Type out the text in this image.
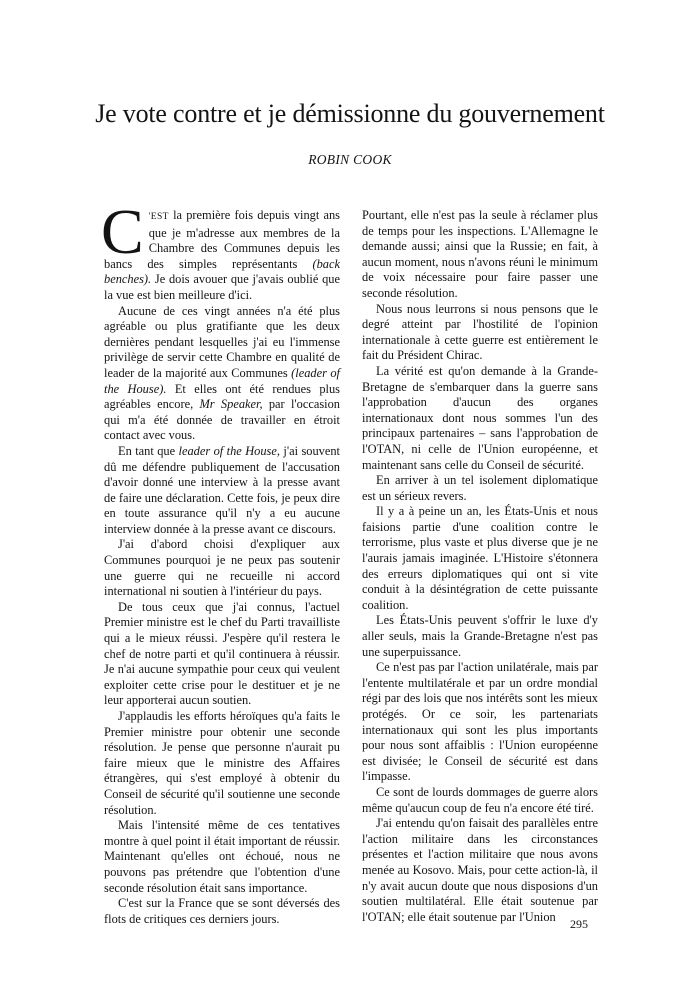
Je vote contre et je démissionne du gouvernement
ROBIN COOK

C 'EST la première fois depuis vingt ans que je m'adresse aux membres de la Chambre des Communes depuis les bancs des simples représentants (back benches). Je dois avouer que j'avais oublié que la vue est bien meilleure d'ici.

Aucune de ces vingt années n'a été plus agréable ou plus gratifiante que les deux dernières pendant lesquelles j'ai eu l'immense privilège de servir cette Chambre en qualité de leader de la majorité aux Communes (leader of the House). Et elles ont été rendues plus agréables encore, Mr Speaker, par l'occasion qui m'a été donnée de travailler en étroit contact avec vous.

En tant que leader of the House, j'ai souvent dû me défendre publiquement de l'accusation d'avoir donné une interview à la presse avant de faire une déclaration. Cette fois, je peux dire en toute assurance qu'il n'y a eu aucune interview donnée à la presse avant ce discours.

J'ai d'abord choisi d'expliquer aux Communes pourquoi je ne peux pas soutenir une guerre qui ne recueille ni accord international ni soutien à l'intérieur du pays.

De tous ceux que j'ai connus, l'actuel Premier ministre est le chef du Parti travailliste qui a le mieux réussi. J'espère qu'il restera le chef de notre parti et qu'il continuera à réussir. Je n'ai aucune sympathie pour ceux qui veulent exploiter cette crise pour le destituer et je ne leur apporterai aucun soutien.

J'applaudis les efforts héroïques qu'a faits le Premier ministre pour obtenir une seconde résolution. Je pense que personne n'aurait pu faire mieux que le ministre des Affaires étrangères, qui s'est employé à obtenir du Conseil de sécurité qu'il soutienne une seconde résolution.

Mais l'intensité même de ces tentatives montre à quel point il était important de réussir. Maintenant qu'elles ont échoué, nous ne pouvons pas prétendre que l'obtention d'une seconde résolution était sans importance.

C'est sur la France que se sont déversés des flots de critiques ces derniers jours.

Pourtant, elle n'est pas la seule à réclamer plus de temps pour les inspections. L'Allemagne le demande aussi; ainsi que la Russie; en fait, à aucun moment, nous n'avons réuni le minimum de voix nécessaire pour faire passer une seconde résolution.

Nous nous leurrons si nous pensons que le degré atteint par l'hostilité de l'opinion internationale à cette guerre est entièrement le fait du Président Chirac.

La vérité est qu'on demande à la Grande-Bretagne de s'embarquer dans la guerre sans l'approbation d'aucun des organes internationaux dont nous sommes l'un des principaux partenaires – sans l'approbation de l'OTAN, ni celle de l'Union européenne, et maintenant sans celle du Conseil de sécurité.

En arriver à un tel isolement diplomatique est un sérieux revers.

Il y a à peine un an, les États-Unis et nous faisions partie d'une coalition contre le terrorisme, plus vaste et plus diverse que je ne l'aurais jamais imaginée. L'Histoire s'étonnera des erreurs diplomatiques qui ont si vite conduit à la désintégration de cette puissante coalition.

Les États-Unis peuvent s'offrir le luxe d'y aller seuls, mais la Grande-Bretagne n'est pas une superpuissance.

Ce n'est pas par l'action unilatérale, mais par l'entente multilatérale et par un ordre mondial régi par des lois que nos intérêts sont les mieux protégés. Or ce soir, les partenariats internationaux qui sont les plus importants pour nous sont affaiblis : l'Union européenne est divisée; le Conseil de sécurité est dans l'impasse.

Ce sont de lourds dommages de guerre alors même qu'aucun coup de feu n'a encore été tiré.

J'ai entendu qu'on faisait des parallèles entre l'action militaire dans les circonstances présentes et l'action militaire que nous avons menée au Kosovo. Mais, pour cette action-là, il n'y avait aucun doute que nous disposions d'un soutien multilatéral. Elle était soutenue par l'OTAN; elle était soutenue par l'Union

295
